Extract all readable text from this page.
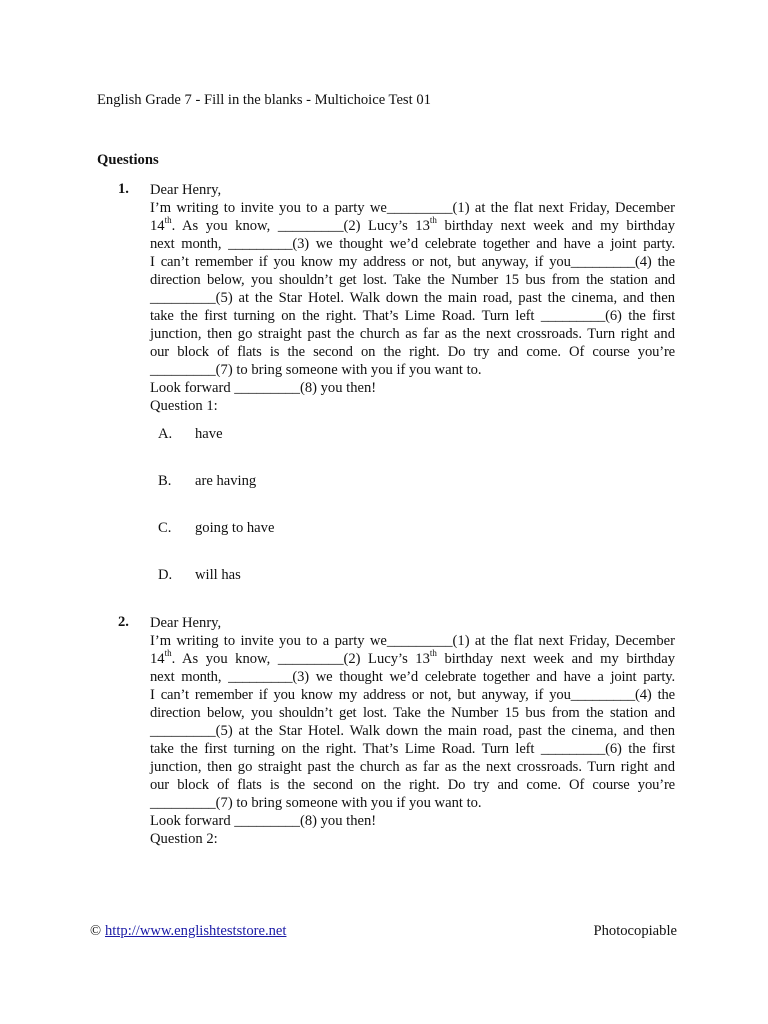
English Grade 7 - Fill in the blanks - Multichoice Test 01
Questions
1. Dear Henry,
I’m writing to invite you to a party we_________(1) at the flat next Friday, December
14th. As you know, _________(2) Lucy’s 13th birthday next week and my birthday
next month, _________(3) we thought we’d celebrate together and have a joint party.
I can’t remember if you know my address or not, but anyway, if you_________(4) the
direction below, you shouldn’t get lost. Take the Number 15 bus from the station and
_________(5) at the Star Hotel. Walk down the main road, past the cinema, and then
take the first turning on the right. That’s Lime Road. Turn left _________(6) the first
junction, then go straight past the church as far as the next crossroads. Turn right and
our block of flats is the second on the right. Do try and come. Of course you’re
_________(7) to bring someone with you if you want to.
Look forward _________(8) you then!
Question 1:
A. have
B. are having
C. going to have
D. will has
2. Dear Henry,
I’m writing to invite you to a party we_________(1) at the flat next Friday, December
14th. As you know, _________(2) Lucy’s 13th birthday next week and my birthday
next month, _________(3) we thought we’d celebrate together and have a joint party.
I can’t remember if you know my address or not, but anyway, if you_________(4) the
direction below, you shouldn’t get lost. Take the Number 15 bus from the station and
_________(5) at the Star Hotel. Walk down the main road, past the cinema, and then
take the first turning on the right. That’s Lime Road. Turn left _________(6) the first
junction, then go straight past the church as far as the next crossroads. Turn right and
our block of flats is the second on the right. Do try and come. Of course you’re
_________(7) to bring someone with you if you want to.
Look forward _________(8) you then!
Question 2:
© http://www.englishteststore.net	Photocopiable
